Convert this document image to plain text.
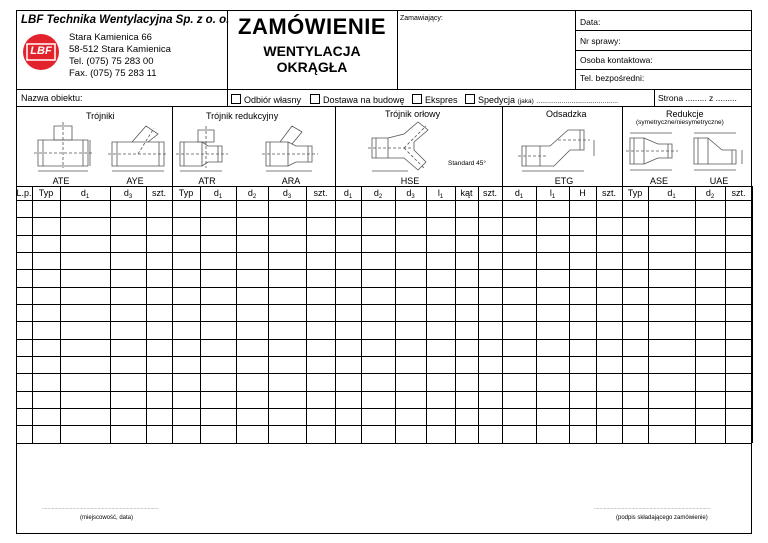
LBF Technika Wentylacyjna Sp. z o. o.
LBF
Stara Kamienica 66
58-512 Stara Kamienica
Tel. (075) 75 283 00
Fax. (075) 75 283 11
ZAMÓWIENIE
WENTYLACJA
OKRĄGŁA
Zamawiający:	Data:
Nr sprawy:
Osoba kontaktowa:
Tel. bezpośredni:
Nazwa obiektu:	Odbiór własny	Dostawa na budowę	Ekspres	Spedycja (jaka) ..........................................	Strona ......... z .........
Trójniki	Trójnik redukcyjny	Trójnik orłowy	Odsadzka	Redukcje
(symetryczne/niesymetryczne)
Standard 45°
ATE	AYE	ATR	ARA	HSE	ETG	ASE	UAE
L.p. Typ	$d_1$	$d_3$	szt.	Typ	$d_1$	$d_2$	$d_3$	szt.	$d_1$	$d_2$	$d_3$	$l_1$	kąt	szt.	$d_1$	$l_1$	H	szt.	Typ	$d_1$	$d_2$	szt.
....................................................................................
(miejscowość, data)
....................................................................................
(podpis składającego zamówienie)
